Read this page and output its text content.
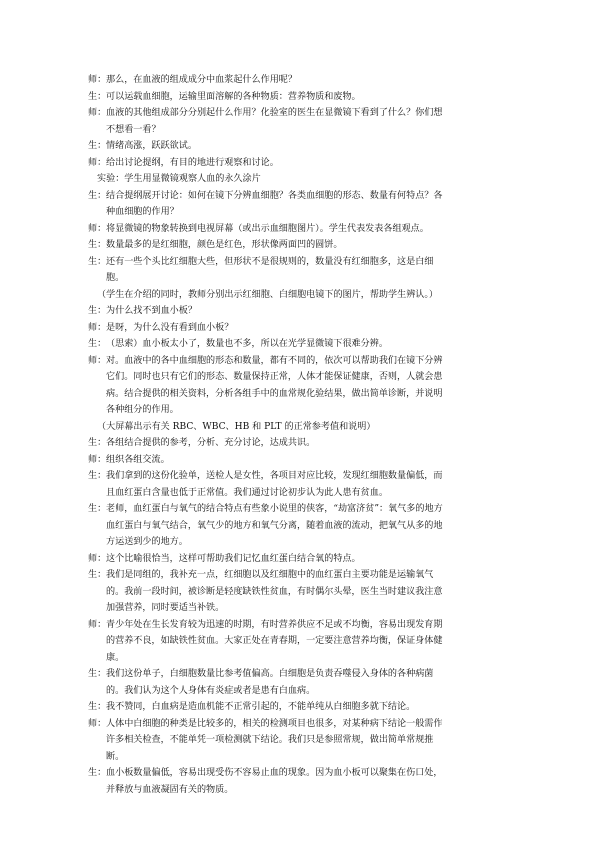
师 ： 那么，在血液的组成成分中血浆起什么作用呢？
生 ： 可以运载血细胞，运输里面溶解的各种物质：营养物质和废物。
师 ： 血液的其他组成部分分别起什么作用？化验室的医生在显微镜下看到了什么？你们想
不想看一看？
生 ： 情绪高涨，跃跃欲试。
师 ： 给出讨论提纲，有目的地进行观察和讨论。
实验：学生用显微镜观察人血的永久涂片
生 ： 结合提纲展开讨论：如何在镜下分辨血细胞？各类血细胞的形态、数量有何特点？各
种血细胞的作用？
师 ： 将显微镜的物象转换到电视屏幕（或出示血细胞图片）。学生代表发表各组观点。
生 ： 数量最多的是红细胞，颜色是红色，形状像两面凹的圆饼。
生 ： 还有一些个头比红细胞大些，但形状不是很规则的，数量没有红细胞多，这是白细
胞。
（学生在介绍的同时，教师分别出示红细胞、白细胞电镜下的图片，帮助学生辨认。）
生 ： 为什么找不到血小板？
师 ： 是呀，为什么没有看到血小板？
生 ： （思索）血小板太小了，数量也不多，所以在光学显微镜下很难分辨。
师 ： 对。血液中的各中血细胞的形态和数量，都有不同的，依次可以帮助我们在镜下分辨
它们。同时也只有它们的形态、数量保持正常，人体才能保证健康，否则，人就会患
病。结合提供的相关资料，分析各组手中的血常规化验结果，做出简单诊断，并说明
各种组分的作用。
（大屏幕出示有关 RBC、WBC、HB 和 PLT 的正常参考值和说明）
生 ： 各组结合提供的参考，分析、充分讨论，达成共识。
师 ： 组织各组交流。
生 ： 我们拿到的这份化验单，送检人是女性，各项目对应比较，发现红细胞数量偏低，而
且血红蛋白含量也低于正常值。我们通过讨论初步认为此人患有贫血。
生 ： 老师，血红蛋白与氧气的结合特点有些象小说里的侠客，“劫富济贫”：氧气多的地方
血红蛋白与氧气结合，氧气少的地方和氧气分离，随着血液的流动，把氧气从多的地
方运送到少的地方。
师 ： 这个比喻很恰当，这样可帮助我们记忆血红蛋白结合氧的特点。
生 ： 我们是同组的，我补充一点，红细胞以及红细胞中的血红蛋白主要功能是运输氧气
的。我前一段时间，被诊断是轻度缺铁性贫血，有时偶尔头晕，医生当时建议我注意
加强营养，同时要适当补铁。
师 ： 青少年处在生长发育较为迅速的时期，有时营养供应不足或不均衡，容易出现发育期
的营养不良，如缺铁性贫血。大家正处在青春期，一定要注意营养均衡，保证身体健
康。
生 ： 我们这份单子，白细胞数量比参考值偏高。白细胞是负责吞噬侵入身体的各种病菌
的。我们认为这个人身体有炎症或者是患有白血病。
生 ： 我不赞同，白血病是造血机能不正常引起的，不能单纯从白细胞多就下结论。
师 ： 人体中白细胞的种类是比较多的，相关的检测项目也很多，对某种病下结论一般需作
许多相关检查，不能单凭一项检测就下结论。我们只是参照常规，做出简单常规推
断。
生 ： 血小板数量偏低，容易出现受伤不容易止血的现象。因为血小板可以聚集在伤口处，
并释放与血液凝固有关的物质。
